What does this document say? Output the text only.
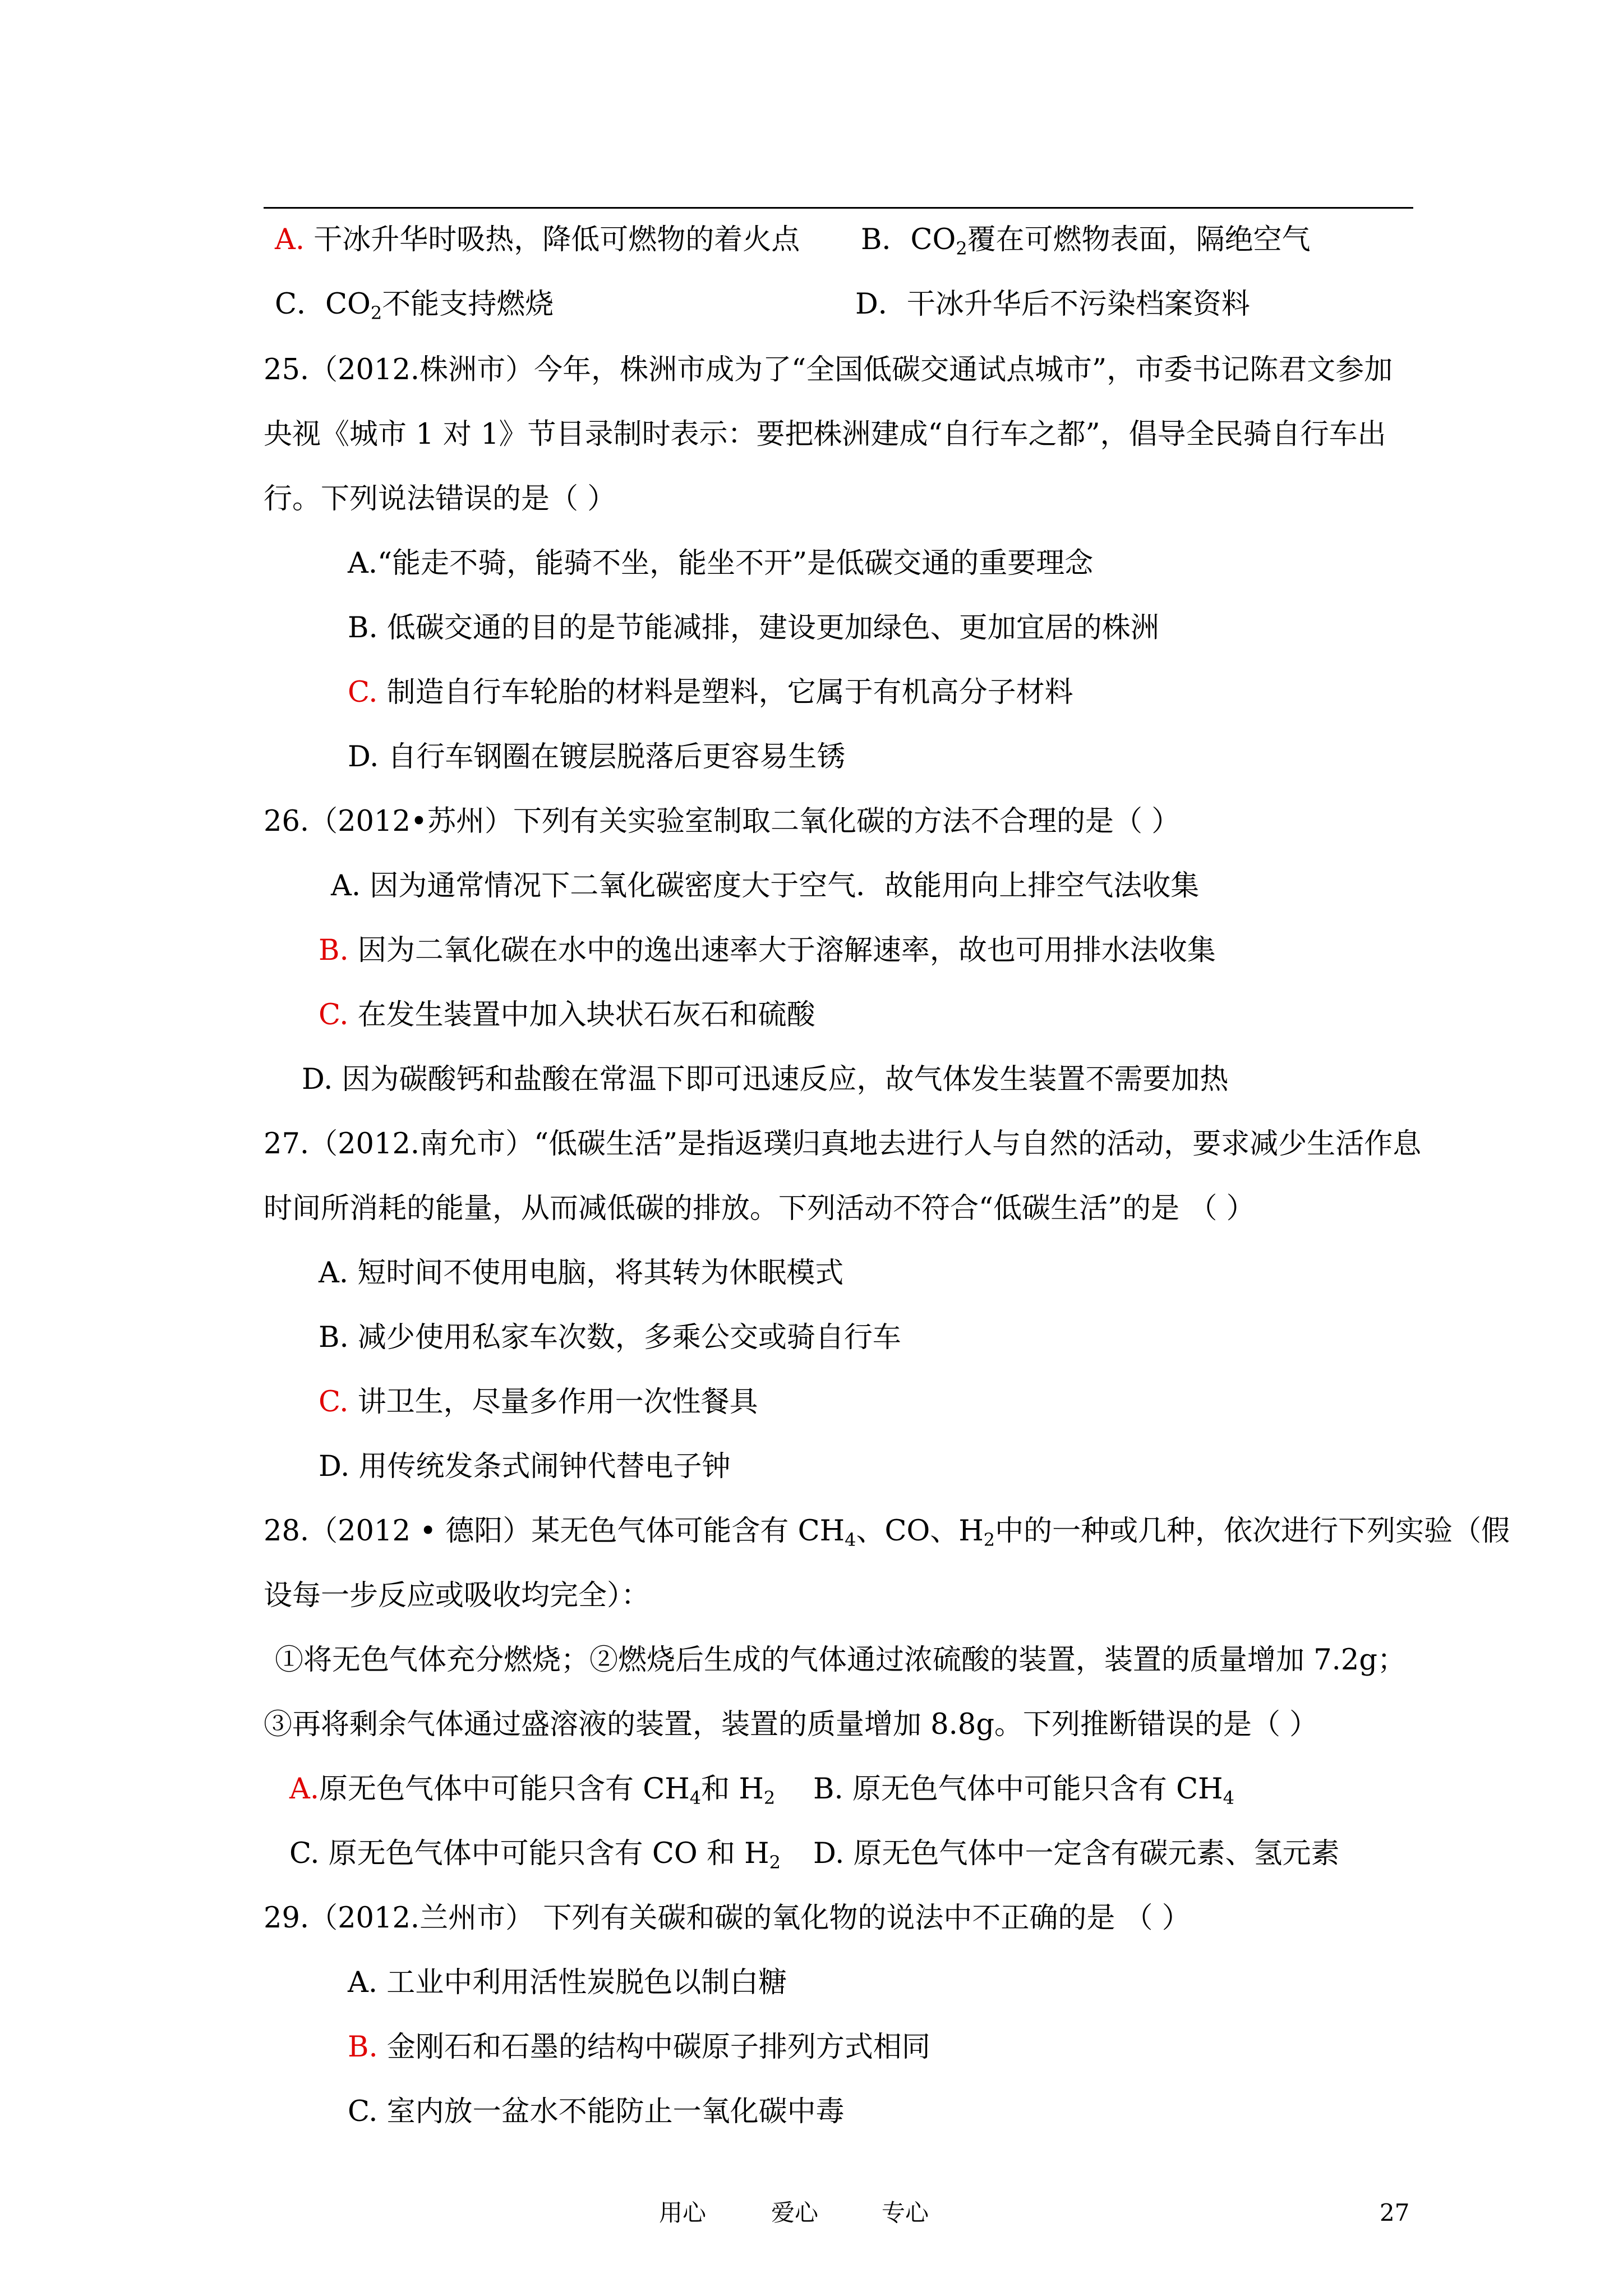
A. 干冰升华时吸热，降低可燃物的着火点 B．$CO_2$覆在可燃物表面，隔绝空气
C．$CO_2$不能支持燃烧	D．干冰升华后不污染档案资料
25.（2012.株洲市）今年，株洲市成为了“全国低碳交通试点城市”，市委书记陈君文参加
央视《城市 1 对 1》节目录制时表示：要把株洲建成“自行车之都”，倡导全民骑自行车出
行。下列说法错误的是（ ）
A.“能走不骑，能骑不坐，能坐不开”是低碳交通的重要理念
B. 低碳交通的目的是节能减排，建设更加绿色、更加宜居的株洲
C. 制造自行车轮胎的材料是塑料，它属于有机高分子材料
D. 自行车钢圈在镀层脱落后更容易生锈
26.（2012•苏州）下列有关实验室制取二氧化碳的方法不合理的是（ ）
A. 因为通常情况下二氧化碳密度大于空气．故能用向上排空气法收集
B. 因为二氧化碳在水中的逸出速率大于溶解速率，故也可用排水法收集
C. 在发生装置中加入块状石灰石和硫酸
D. 因为碳酸钙和盐酸在常温下即可迅速反应，故气体发生装置不需要加热
27.（2012.南允市）“低碳生活”是指返璞归真地去进行人与自然的活动，要求减少生活作息
时间所消耗的能量，从而减低碳的排放。下列活动不符合“低碳生活”的是 （ ）
A. 短时间不使用电脑，将其转为休眠模式
B. 减少使用私家车次数，多乘公交或骑自行车
C. 讲卫生，尽量多作用一次性餐具
D. 用传统发条式闹钟代替电子钟
28.（2012 • 德阳）某无色气体可能含有 $CH_4$、CO、$H_2$中的一种或几种，依次进行下列实验（假
设每一步反应或吸收均完全）：
①将无色气体充分燃烧；②燃烧后生成的气体通过浓硫酸的装置，装置的质量增加 7.2g；
③再将剩余气体通过盛溶液的装置，装置的质量增加 8.8g。下列推断错误的是（ ）
A.原无色气体中可能只含有 $CH_4$和 $H_2$ B. 原无色气体中可能只含有 $CH_4$
C. 原无色气体中可能只含有 CO 和 $H_2$ D. 原无色气体中一定含有碳元素、氢元素
29.（2012.兰州市） 下列有关碳和碳的氧化物的说法中不正确的是 （ ）
A. 工业中利用活性炭脱色以制白糖
B. 金刚石和石墨的结构中碳原子排列方式相同
C. 室内放一盆水不能防止一氧化碳中毒
用心	爱心	专心	27
